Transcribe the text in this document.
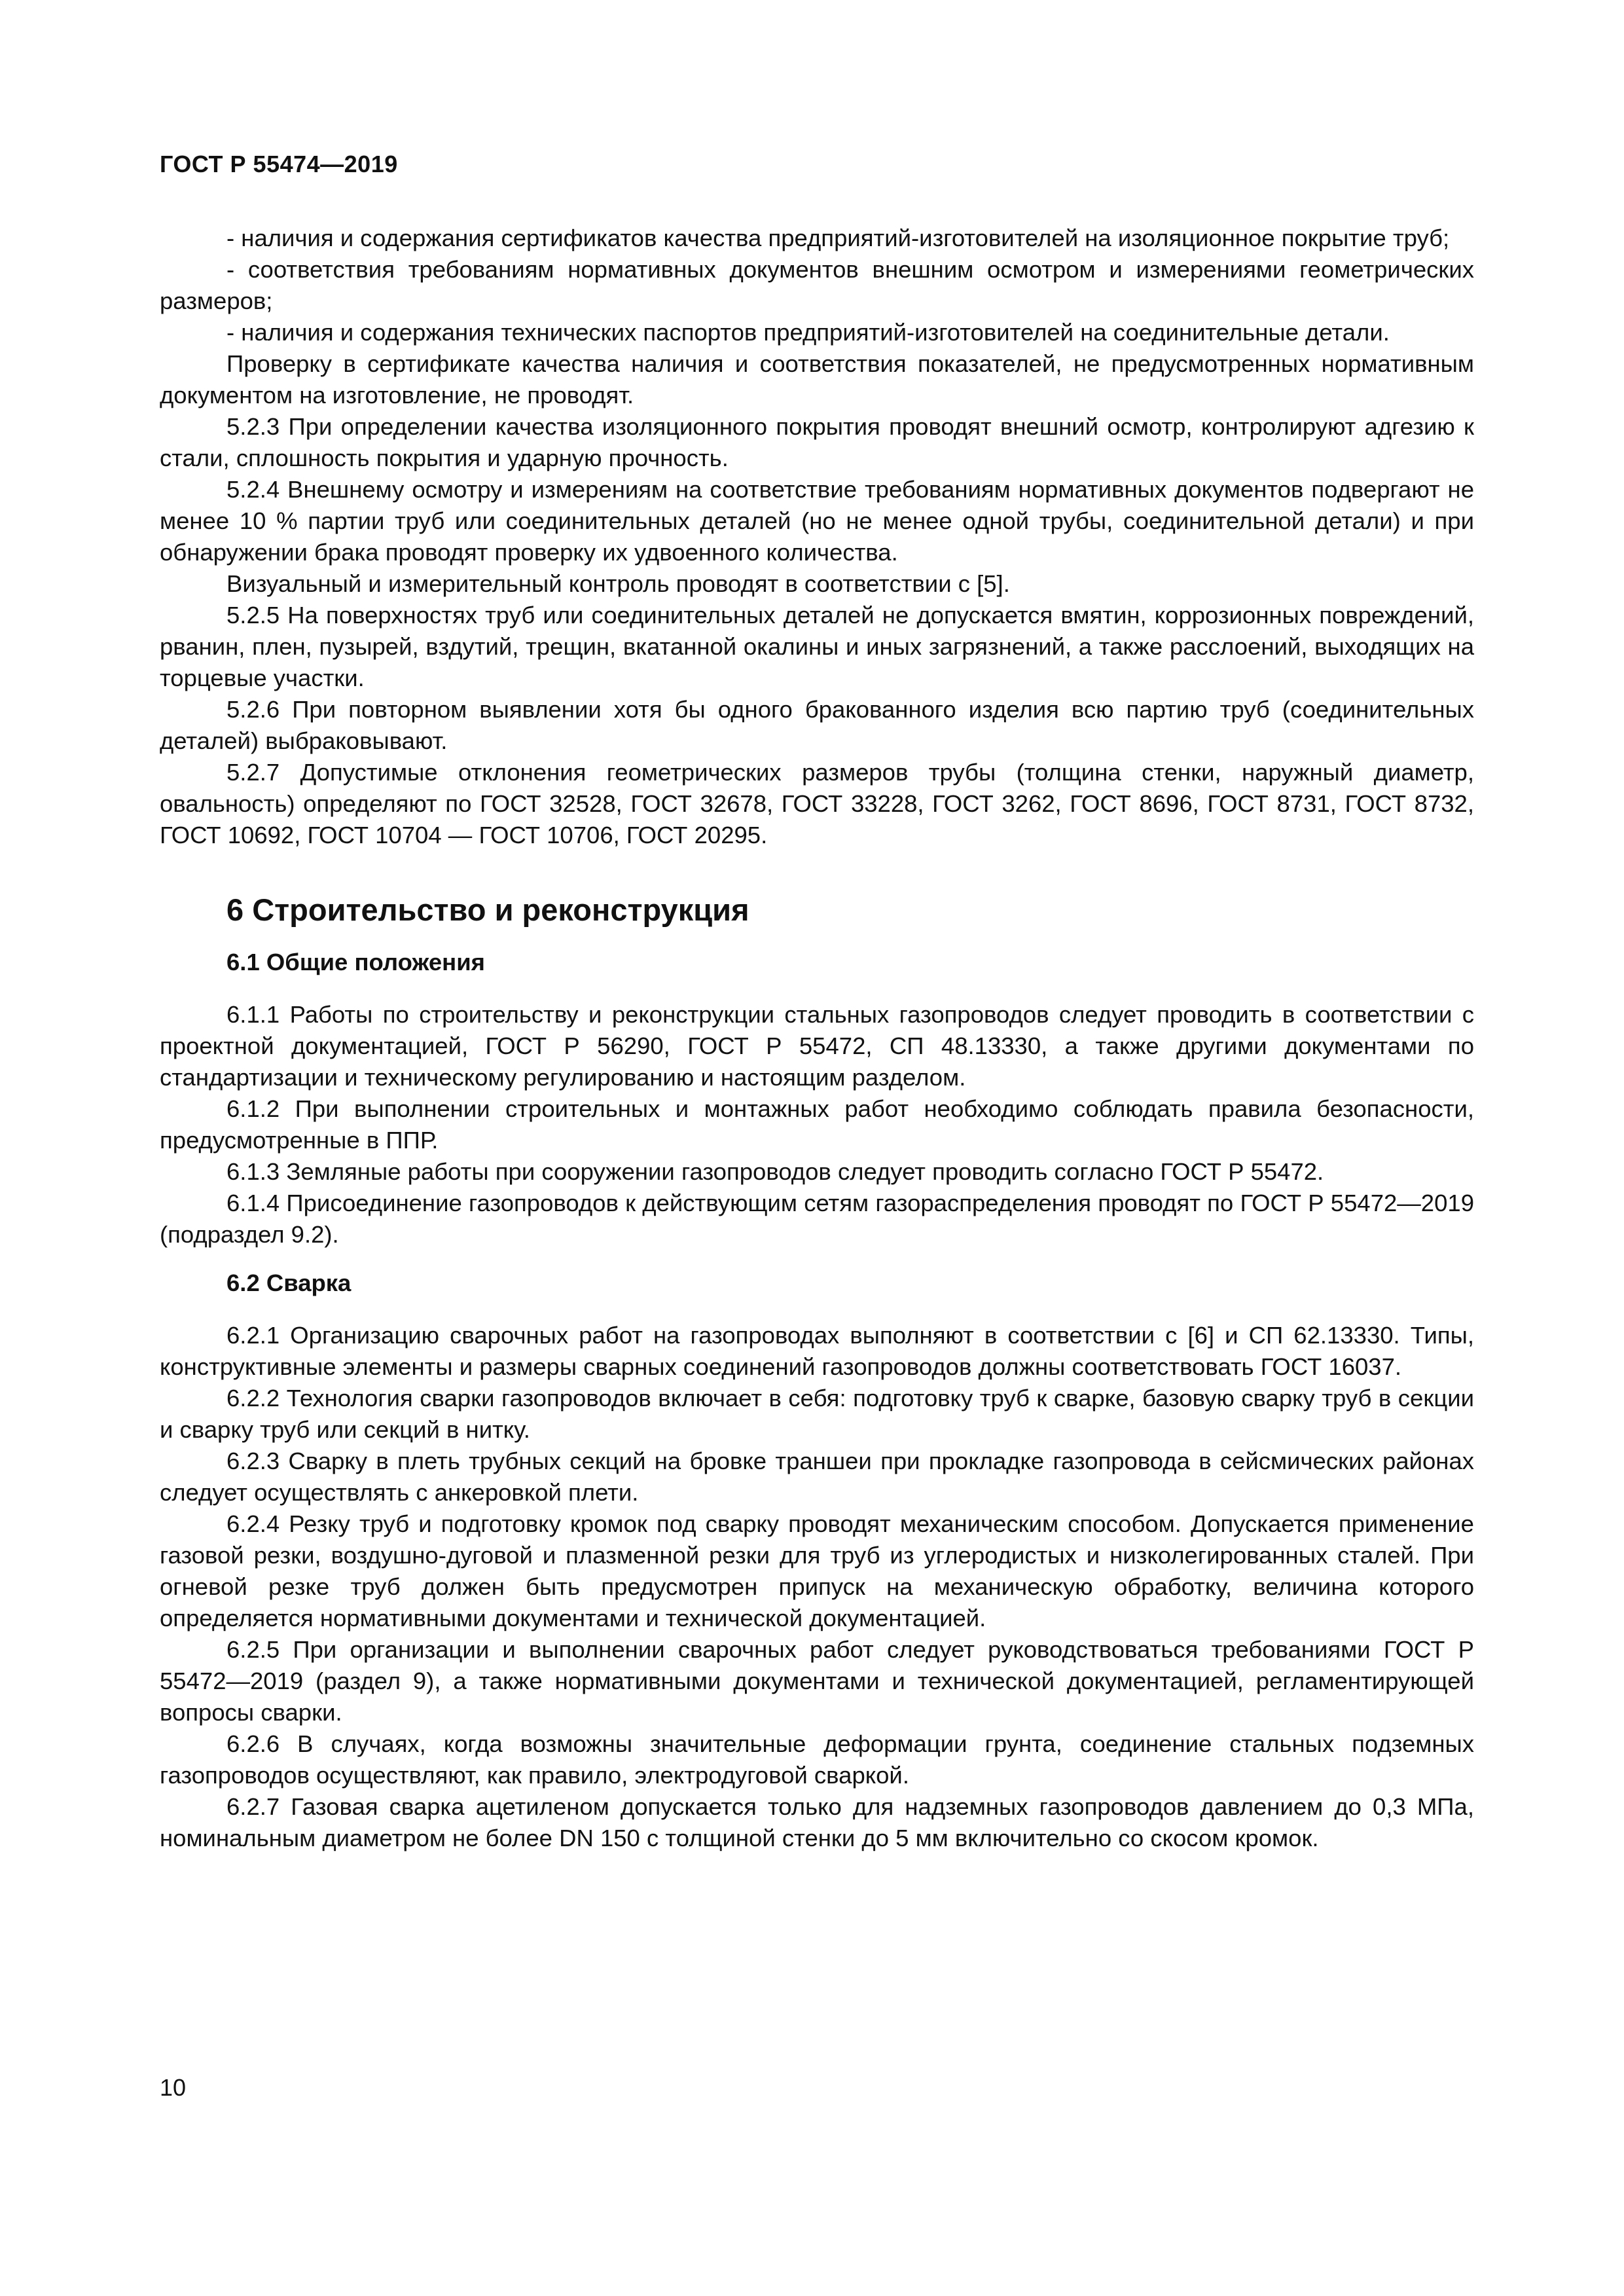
ГОСТ Р 55474—2019

- наличия и содержания сертификатов качества предприятий-изготовителей на изоляционное покрытие труб;

- соответствия требованиям нормативных документов внешним осмотром и измерениями геометрических размеров;

- наличия и содержания технических паспортов предприятий-изготовителей на соединительные детали.

Проверку в сертификате качества наличия и соответствия показателей, не предусмотренных нормативным документом на изготовление, не проводят.

5.2.3 При определении качества изоляционного покрытия проводят внешний осмотр, контролируют адгезию к стали, сплошность покрытия и ударную прочность.

5.2.4 Внешнему осмотру и измерениям на соответствие требованиям нормативных документов подвергают не менее 10 % партии труб или соединительных деталей (но не менее одной трубы, соединительной детали) и при обнаружении брака проводят проверку их удвоенного количества.

Визуальный и измерительный контроль проводят в соответствии с [5].

5.2.5 На поверхностях труб или соединительных деталей не допускается вмятин, коррозионных повреждений, рванин, плен, пузырей, вздутий, трещин, вкатанной окалины и иных загрязнений, а также расслоений, выходящих на торцевые участки.

5.2.6 При повторном выявлении хотя бы одного бракованного изделия всю партию труб (соединительных деталей) выбраковывают.

5.2.7 Допустимые отклонения геометрических размеров трубы (толщина стенки, наружный диаметр, овальность) определяют по ГОСТ 32528, ГОСТ 32678, ГОСТ 33228, ГОСТ 3262, ГОСТ 8696, ГОСТ 8731, ГОСТ 8732, ГОСТ 10692, ГОСТ 10704 — ГОСТ 10706, ГОСТ 20295.

6 Строительство и реконструкция
6.1 Общие положения

6.1.1 Работы по строительству и реконструкции стальных газопроводов следует проводить в соответствии с проектной документацией, ГОСТ Р 56290, ГОСТ Р 55472, СП 48.13330, а также другими документами по стандартизации и техническому регулированию и настоящим разделом.

6.1.2 При выполнении строительных и монтажных работ необходимо соблюдать правила безопасности, предусмотренные в ППР.

6.1.3 Земляные работы при сооружении газопроводов следует проводить согласно ГОСТ Р 55472.

6.1.4 Присоединение газопроводов к действующим сетям газораспределения проводят по ГОСТ Р 55472—2019 (подраздел 9.2).

6.2 Сварка

6.2.1 Организацию сварочных работ на газопроводах выполняют в соответствии с [6] и СП 62.13330. Типы, конструктивные элементы и размеры сварных соединений газопроводов должны соответствовать ГОСТ 16037.

6.2.2 Технология сварки газопроводов включает в себя: подготовку труб к сварке, базовую сварку труб в секции и сварку труб или секций в нитку.

6.2.3 Сварку в плеть трубных секций на бровке траншеи при прокладке газопровода в сейсмических районах следует осуществлять с анкеровкой плети.

6.2.4 Резку труб и подготовку кромок под сварку проводят механическим способом. Допускается применение газовой резки, воздушно-дуговой и плазменной резки для труб из углеродистых и низколегированных сталей. При огневой резке труб должен быть предусмотрен припуск на механическую обработку, величина которого определяется нормативными документами и технической документацией.

6.2.5 При организации и выполнении сварочных работ следует руководствоваться требованиями ГОСТ Р 55472—2019 (раздел 9), а также нормативными документами и технической документацией, регламентирующей вопросы сварки.

6.2.6 В случаях, когда возможны значительные деформации грунта, соединение стальных подземных газопроводов осуществляют, как правило, электродуговой сваркой.

6.2.7 Газовая сварка ацетиленом допускается только для надземных газопроводов давлением до 0,3 МПа, номинальным диаметром не более DN 150 с толщиной стенки до 5 мм включительно со скосом кромок.

10
